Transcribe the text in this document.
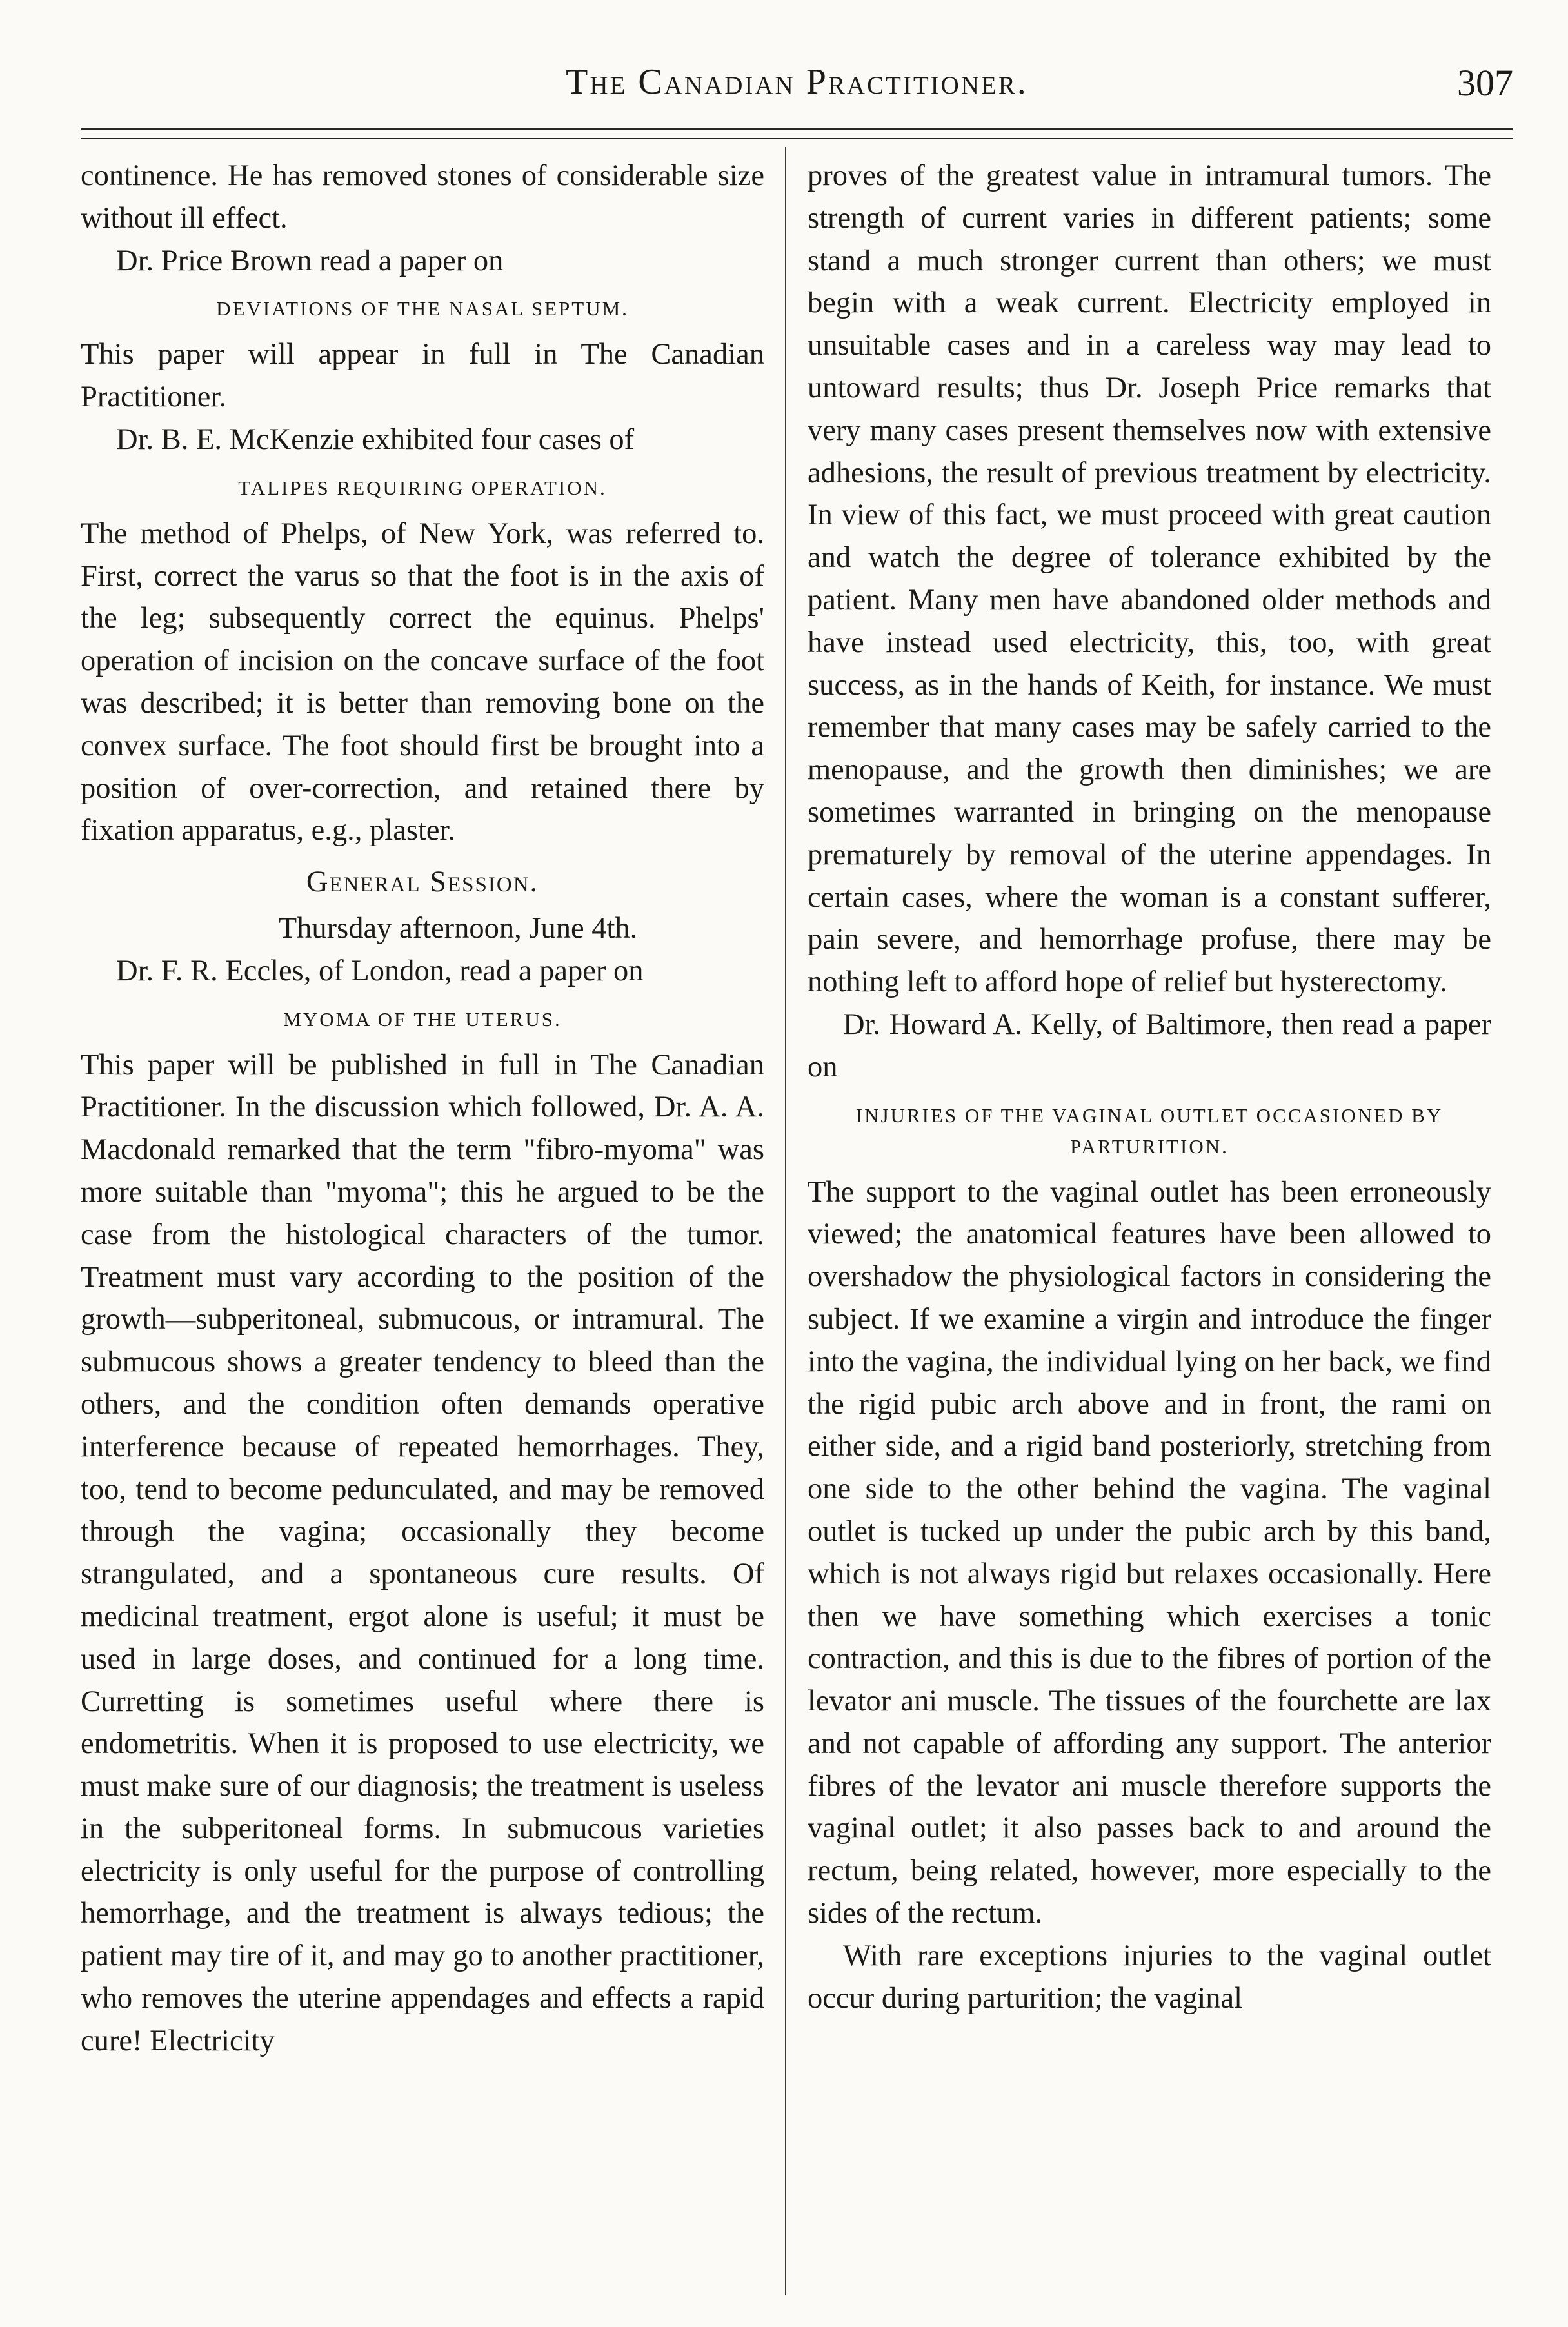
The Canadian Practitioner.	307

continence. He has removed stones of considerable size without ill effect.

Dr. Price Brown read a paper on

DEVIATIONS OF THE NASAL SEPTUM.

This paper will appear in full in The Canadian Practitioner.

Dr. B. E. McKenzie exhibited four cases of

TALIPES REQUIRING OPERATION.

The method of Phelps, of New York, was referred to. First, correct the varus so that the foot is in the axis of the leg; subsequently correct the equinus. Phelps' operation of incision on the concave surface of the foot was described; it is better than removing bone on the convex surface. The foot should first be brought into a position of over-correction, and retained there by fixation apparatus, e.g., plaster.

General Session.
Thursday afternoon, June 4th.

Dr. F. R. Eccles, of London, read a paper on

MYOMA OF THE UTERUS.

This paper will be published in full in The Canadian Practitioner. In the discussion which followed, Dr. A. A. Macdonald remarked that the term "fibro-myoma" was more suitable than "myoma"; this he argued to be the case from the histological characters of the tumor. Treatment must vary according to the position of the growth—subperitoneal, submucous, or intramural. The submucous shows a greater tendency to bleed than the others, and the condition often demands operative interference because of repeated hemorrhages. They, too, tend to become pedunculated, and may be removed through the vagina; occasionally they become strangulated, and a spontaneous cure results. Of medicinal treatment, ergot alone is useful; it must be used in large doses, and continued for a long time. Curretting is sometimes useful where there is endometritis. When it is proposed to use electricity, we must make sure of our diagnosis; the treatment is useless in the subperitoneal forms. In submucous varieties electricity is only useful for the purpose of controlling hemorrhage, and the treatment is always tedious; the patient may tire of it, and may go to another practitioner, who removes the uterine appendages and effects a rapid cure! Electricity

proves of the greatest value in intramural tumors. The strength of current varies in different patients; some stand a much stronger current than others; we must begin with a weak current. Electricity employed in unsuitable cases and in a careless way may lead to untoward results; thus Dr. Joseph Price remarks that very many cases present themselves now with extensive adhesions, the result of previous treatment by electricity. In view of this fact, we must proceed with great caution and watch the degree of tolerance exhibited by the patient. Many men have abandoned older methods and have instead used electricity, this, too, with great success, as in the hands of Keith, for instance. We must remember that many cases may be safely carried to the menopause, and the growth then diminishes; we are sometimes warranted in bringing on the menopause prematurely by removal of the uterine appendages. In certain cases, where the woman is a constant sufferer, pain severe, and hemorrhage profuse, there may be nothing left to afford hope of relief but hysterectomy.

Dr. Howard A. Kelly, of Baltimore, then read a paper on

INJURIES OF THE VAGINAL OUTLET OCCASIONED BY PARTURITION.

The support to the vaginal outlet has been erroneously viewed; the anatomical features have been allowed to overshadow the physiological factors in considering the subject. If we examine a virgin and introduce the finger into the vagina, the individual lying on her back, we find the rigid pubic arch above and in front, the rami on either side, and a rigid band posteriorly, stretching from one side to the other behind the vagina. The vaginal outlet is tucked up under the pubic arch by this band, which is not always rigid but relaxes occasionally. Here then we have something which exercises a tonic contraction, and this is due to the fibres of portion of the levator ani muscle. The tissues of the fourchette are lax and not capable of affording any support. The anterior fibres of the levator ani muscle therefore supports the vaginal outlet; it also passes back to and around the rectum, being related, however, more especially to the sides of the rectum.

With rare exceptions injuries to the vaginal outlet occur during parturition; the vaginal
